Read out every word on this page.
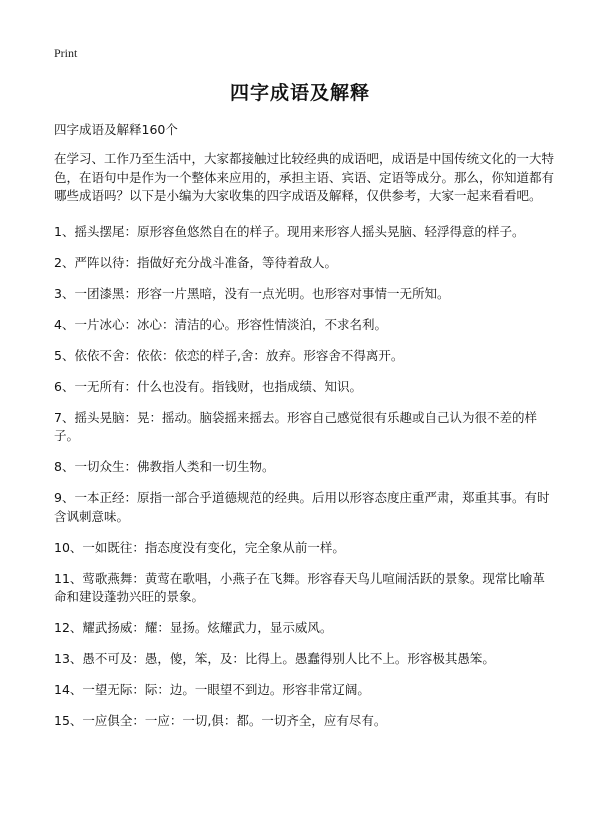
Print
四字成语及解释
四字成语及解释160个

在学习、工作乃至生活中，大家都接触过比较经典的成语吧，成语是中国传统文化的一大特色，在语句中是作为一个整体来应用的，承担主语、宾语、定语等成分。那么，你知道都有哪些成语吗？以下是小编为大家收集的四字成语及解释，仅供参考，大家一起来看看吧。

1、摇头摆尾：原形容鱼悠然自在的样子。现用来形容人摇头晃脑、轻浮得意的样子。

2、严阵以待：指做好充分战斗准备，等待着敌人。

3、一团漆黑：形容一片黑暗，没有一点光明。也形容对事情一无所知。

4、一片冰心：冰心：清洁的心。形容性情淡泊，不求名利。

5、依依不舍：依依：依恋的样子,舍：放弃。形容舍不得离开。

6、一无所有：什么也没有。指钱财，也指成绩、知识。

7、摇头晃脑：晃：摇动。脑袋摇来摇去。形容自己感觉很有乐趣或自己认为很不差的样子。

8、一切众生：佛教指人类和一切生物。

9、一本正经：原指一部合乎道德规范的经典。后用以形容态度庄重严肃，郑重其事。有时含讽刺意味。

10、一如既往：指态度没有变化，完全象从前一样。

11、莺歌燕舞：黄莺在歌唱，小燕子在飞舞。形容春天鸟儿喧闹活跃的景象。现常比喻革命和建设蓬勃兴旺的景象。

12、耀武扬威：耀：显扬。炫耀武力，显示威风。

13、愚不可及：愚，傻，笨，及：比得上。愚蠢得别人比不上。形容极其愚笨。

14、一望无际：际：边。一眼望不到边。形容非常辽阔。

15、一应俱全：一应：一切,俱：都。一切齐全，应有尽有。
